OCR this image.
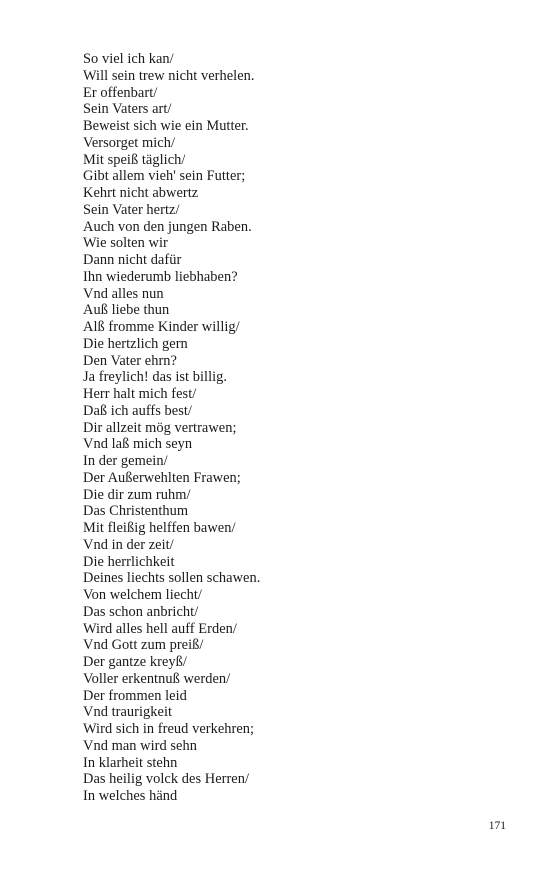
So viel ich kan/
Will sein trew nicht verhelen.
Er offenbart/
Sein Vaters art/
Beweist sich wie ein Mutter.
Versorget mich/
Mit speiß täglich/
Gibt allem vieh' sein Futter;
Kehrt nicht abwertz
Sein Vater hertz/
Auch von den jungen Raben.
Wie solten wir
Dann nicht dafür
Ihn wiederumb liebhaben?
Vnd alles nun
Auß liebe thun
Alß fromme Kinder willig/
Die hertzlich gern
Den Vater ehrn?
Ja freylich! das ist billig.
Herr halt mich fest/
Daß ich auffs best/
Dir allzeit mög vertrawen;
Vnd laß mich seyn
In der gemein/
Der Außerwehlten Frawen;
Die dir zum ruhm/
Das Christenthum
Mit fleißig helffen bawen/
Vnd in der zeit/
Die herrlichkeit
Deines liechts sollen schawen.
Von welchem liecht/
Das schon anbricht/
Wird alles hell auff Erden/
Vnd Gott zum preiß/
Der gantze kreyß/
Voller erkentnuß werden/
Der frommen leid
Vnd traurigkeit
Wird sich in freud verkehren;
Vnd man wird sehn
In klarheit stehn
Das heilig volck des Herren/
In welches händ
171
